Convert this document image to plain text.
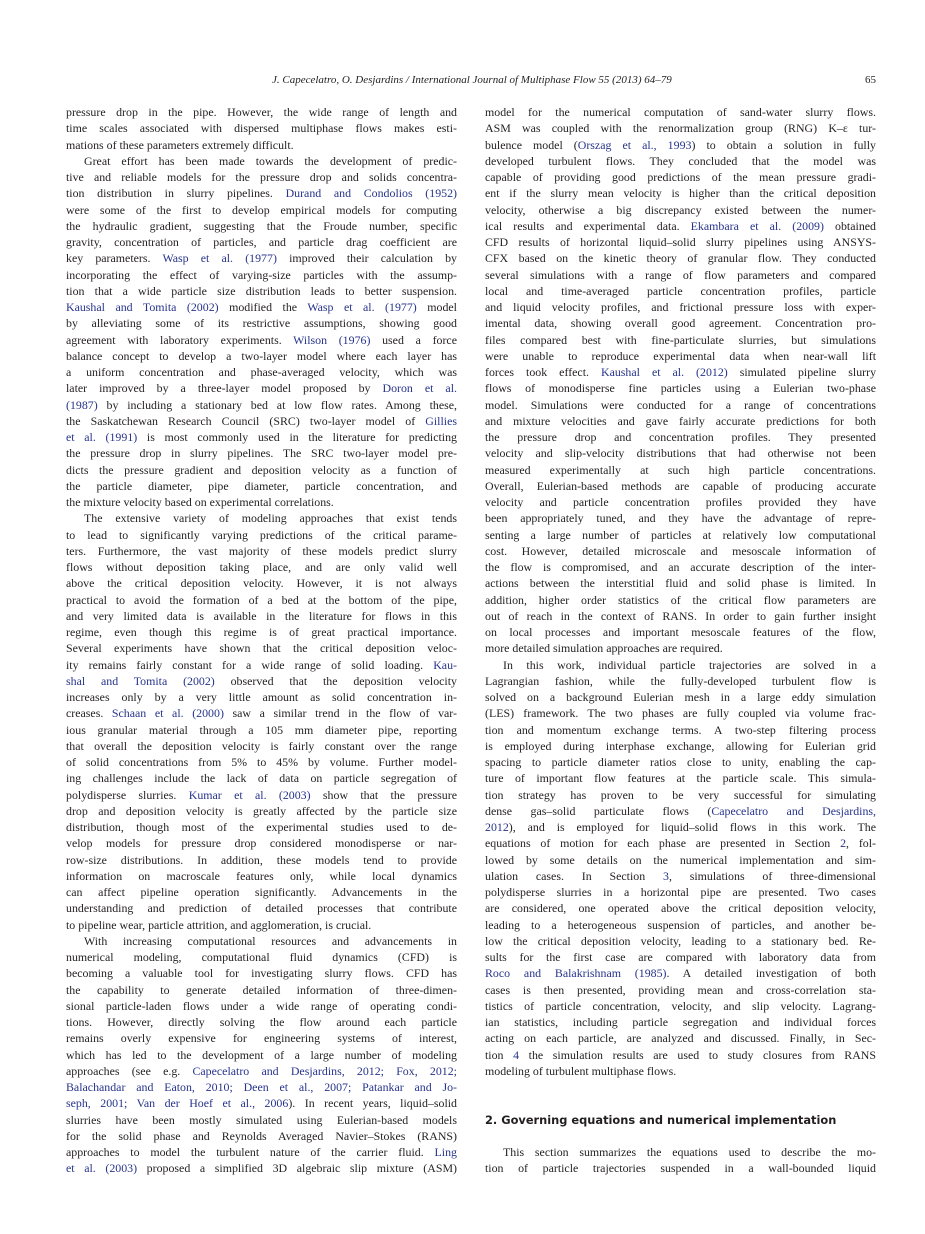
J. Capecelatro, O. Desjardins / International Journal of Multiphase Flow 55 (2013) 64–79	65
pressure drop in the pipe. However, the wide range of length and
time scales associated with dispersed multiphase flows makes esti-
mations of these parameters extremely difficult.
Great effort has been made towards the development of predic-
tive and reliable models for the pressure drop and solids concentra-
tion distribution in slurry pipelines. Durand and Condolios (1952)
were some of the first to develop empirical models for computing
the hydraulic gradient, suggesting that the Froude number, specific
gravity, concentration of particles, and particle drag coefficient are
key parameters. Wasp et al. (1977) improved their calculation by
incorporating the effect of varying-size particles with the assump-
tion that a wide particle size distribution leads to better suspension.
Kaushal and Tomita (2002) modified the Wasp et al. (1977) model
by alleviating some of its restrictive assumptions, showing good
agreement with laboratory experiments. Wilson (1976) used a force
balance concept to develop a two-layer model where each layer has
a uniform concentration and phase-averaged velocity, which was
later improved by a three-layer model proposed by Doron et al.
(1987) by including a stationary bed at low flow rates. Among these,
the Saskatchewan Research Council (SRC) two-layer model of Gillies
et al. (1991) is most commonly used in the literature for predicting
the pressure drop in slurry pipelines. The SRC two-layer model pre-
dicts the pressure gradient and deposition velocity as a function of
the particle diameter, pipe diameter, particle concentration, and
the mixture velocity based on experimental correlations.
The extensive variety of modeling approaches that exist tends
to lead to significantly varying predictions of the critical parame-
ters. Furthermore, the vast majority of these models predict slurry
flows without deposition taking place, and are only valid well
above the critical deposition velocity. However, it is not always
practical to avoid the formation of a bed at the bottom of the pipe,
and very limited data is available in the literature for flows in this
regime, even though this regime is of great practical importance.
Several experiments have shown that the critical deposition veloc-
ity remains fairly constant for a wide range of solid loading. Kau-
shal and Tomita (2002) observed that the deposition velocity
increases only by a very little amount as solid concentration in-
creases. Schaan et al. (2000) saw a similar trend in the flow of var-
ious granular material through a 105 mm diameter pipe, reporting
that overall the deposition velocity is fairly constant over the range
of solid concentrations from 5% to 45% by volume. Further model-
ing challenges include the lack of data on particle segregation of
polydisperse slurries. Kumar et al. (2003) show that the pressure
drop and deposition velocity is greatly affected by the particle size
distribution, though most of the experimental studies used to de-
velop models for pressure drop considered monodisperse or nar-
row-size distributions. In addition, these models tend to provide
information on macroscale features only, while local dynamics
can affect pipeline operation significantly. Advancements in the
understanding and prediction of detailed processes that contribute
to pipeline wear, particle attrition, and agglomeration, is crucial.
With increasing computational resources and advancements in
numerical modeling, computational fluid dynamics (CFD) is
becoming a valuable tool for investigating slurry flows. CFD has
the capability to generate detailed information of three-dimen-
sional particle-laden flows under a wide range of operating condi-
tions. However, directly solving the flow around each particle
remains overly expensive for engineering systems of interest,
which has led to the development of a large number of modeling
approaches (see e.g. Capecelatro and Desjardins, 2012; Fox, 2012;
Balachandar and Eaton, 2010; Deen et al., 2007; Patankar and Jo-
seph, 2001; Van der Hoef et al., 2006). In recent years, liquid–solid
slurries have been mostly simulated using Eulerian-based models
for the solid phase and Reynolds Averaged Navier–Stokes (RANS)
approaches to model the turbulent nature of the carrier fluid. Ling
et al. (2003) proposed a simplified 3D algebraic slip mixture (ASM)
model for the numerical computation of sand-water slurry flows.
ASM was coupled with the renormalization group (RNG) K–ε tur-
bulence model (Orszag et al., 1993) to obtain a solution in fully
developed turbulent flows. They concluded that the model was
capable of providing good predictions of the mean pressure gradi-
ent if the slurry mean velocity is higher than the critical deposition
velocity, otherwise a big discrepancy existed between the numer-
ical results and experimental data. Ekambara et al. (2009) obtained
CFD results of horizontal liquid–solid slurry pipelines using ANSYS-
CFX based on the kinetic theory of granular flow. They conducted
several simulations with a range of flow parameters and compared
local and time-averaged particle concentration profiles, particle
and liquid velocity profiles, and frictional pressure loss with exper-
imental data, showing overall good agreement. Concentration pro-
files compared best with fine-particulate slurries, but simulations
were unable to reproduce experimental data when near-wall lift
forces took effect. Kaushal et al. (2012) simulated pipeline slurry
flows of monodisperse fine particles using a Eulerian two-phase
model. Simulations were conducted for a range of concentrations
and mixture velocities and gave fairly accurate predictions for both
the pressure drop and concentration profiles. They presented
velocity and slip-velocity distributions that had otherwise not been
measured experimentally at such high particle concentrations.
Overall, Eulerian-based methods are capable of producing accurate
velocity and particle concentration profiles provided they have
been appropriately tuned, and they have the advantage of repre-
senting a large number of particles at relatively low computational
cost. However, detailed microscale and mesoscale information of
the flow is compromised, and an accurate description of the inter-
actions between the interstitial fluid and solid phase is limited. In
addition, higher order statistics of the critical flow parameters are
out of reach in the context of RANS. In order to gain further insight
on local processes and important mesoscale features of the flow,
more detailed simulation approaches are required.
In this work, individual particle trajectories are solved in a
Lagrangian fashion, while the fully-developed turbulent flow is
solved on a background Eulerian mesh in a large eddy simulation
(LES) framework. The two phases are fully coupled via volume frac-
tion and momentum exchange terms. A two-step filtering process
is employed during interphase exchange, allowing for Eulerian grid
spacing to particle diameter ratios close to unity, enabling the cap-
ture of important flow features at the particle scale. This simula-
tion strategy has proven to be very successful for simulating
dense gas–solid particulate flows (Capecelatro and Desjardins,
2012), and is employed for liquid–solid flows in this work. The
equations of motion for each phase are presented in Section 2, fol-
lowed by some details on the numerical implementation and sim-
ulation cases. In Section 3, simulations of three-dimensional
polydisperse slurries in a horizontal pipe are presented. Two cases
are considered, one operated above the critical deposition velocity,
leading to a heterogeneous suspension of particles, and another be-
low the critical deposition velocity, leading to a stationary bed. Re-
sults for the first case are compared with laboratory data from
Roco and Balakrishnam (1985). A detailed investigation of both
cases is then presented, providing mean and cross-correlation sta-
tistics of particle concentration, velocity, and slip velocity. Lagrang-
ian statistics, including particle segregation and individual forces
acting on each particle, are analyzed and discussed. Finally, in Sec-
tion 4 the simulation results are used to study closures from RANS
modeling of turbulent multiphase flows.
2. Governing equations and numerical implementation
This section summarizes the equations used to describe the mo-
tion of particle trajectories suspended in a wall-bounded liquid
